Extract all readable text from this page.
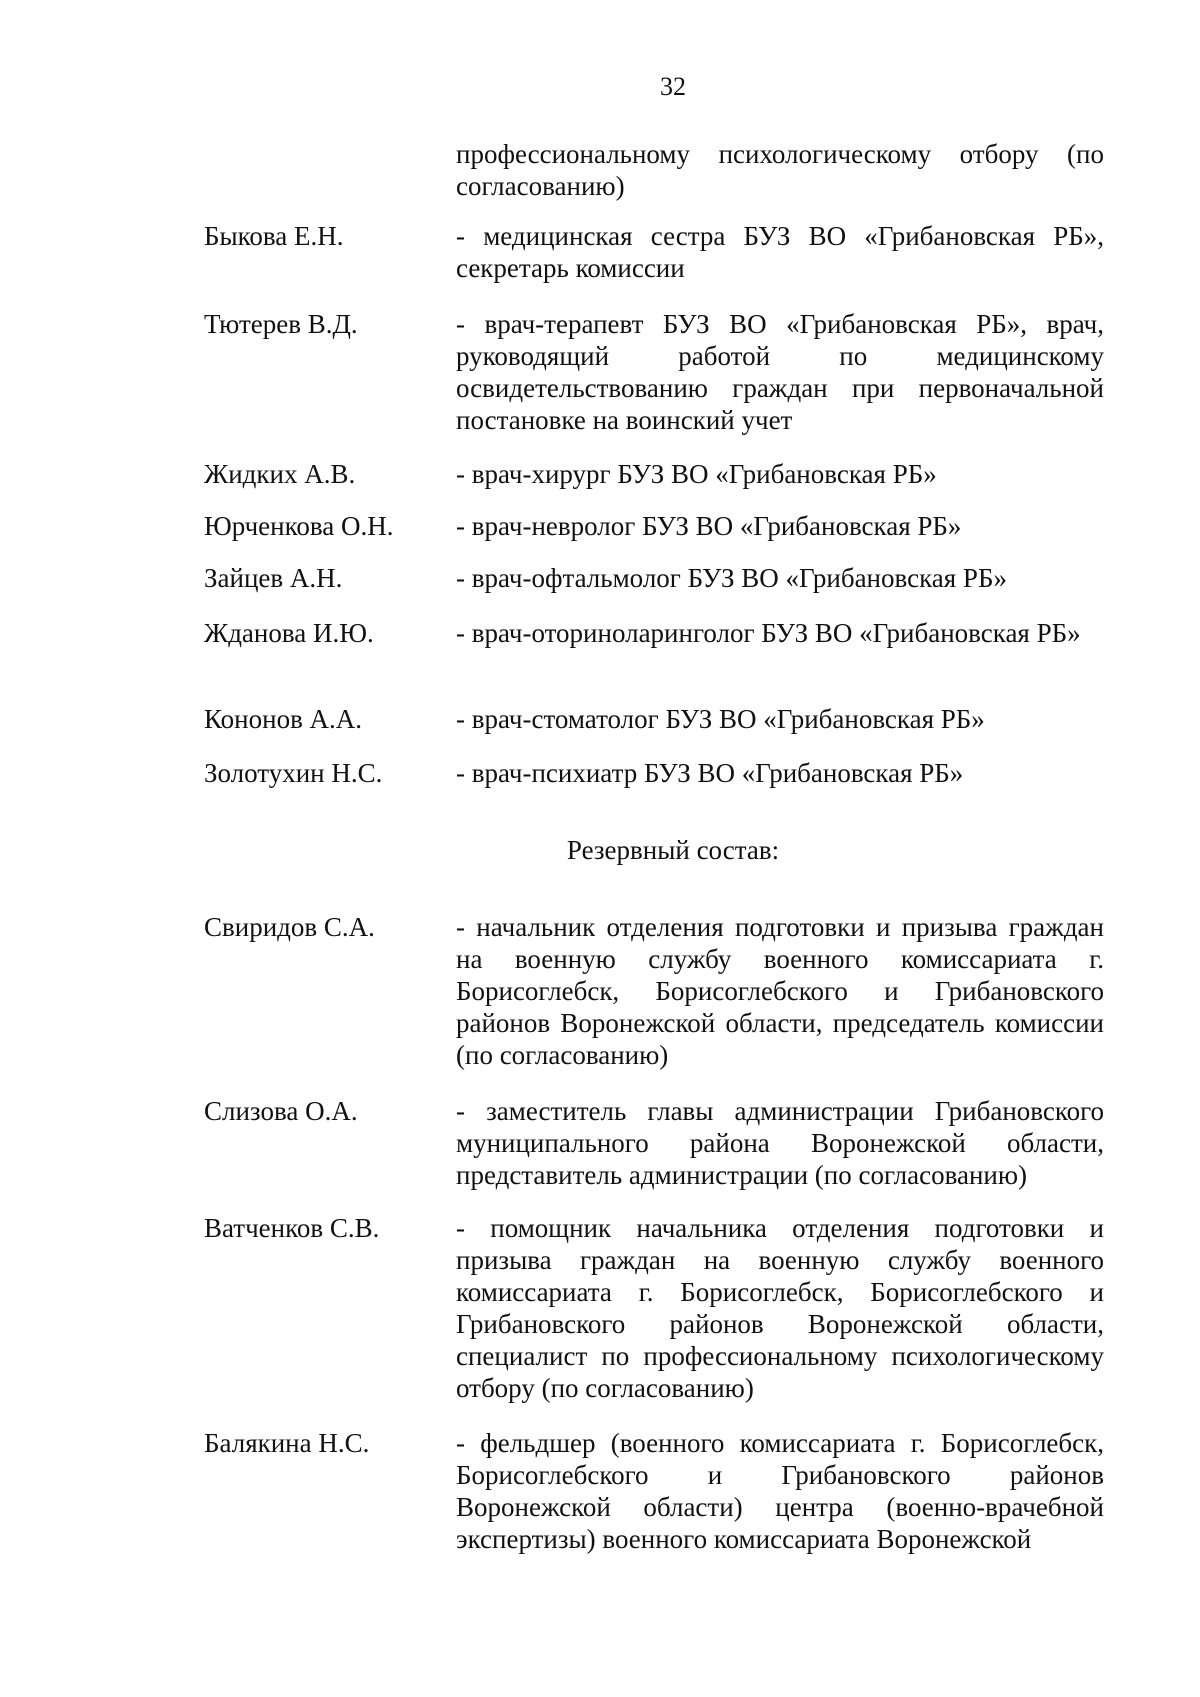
32
профессиональному психологическому отбору (по согласованию)
Быкова Е.Н.	- медицинская сестра БУЗ ВО «Грибановская РБ», секретарь комиссии
Тютерев В.Д.	- врач-терапевт БУЗ ВО «Грибановская РБ», врач, руководящий работой по медицинскому освидетельствованию граждан при первоначальной постановке на воинский учет
Жидких А.В.	- врач-хирург БУЗ ВО «Грибановская РБ»
Юрченкова О.Н. - врач-невролог БУЗ ВО «Грибановская РБ»
Зайцев А.Н.	- врач-офтальмолог БУЗ ВО «Грибановская РБ»
Жданова И.Ю.	- врач-оториноларинголог БУЗ ВО «Грибановская РБ»
Кононов А.А.	- врач-стоматолог БУЗ ВО «Грибановская РБ»
Золотухин Н.С.	- врач-психиатр БУЗ ВО «Грибановская РБ»
Резервный состав:
Свиридов С.А.	- начальник отделения подготовки и призыва граждан на военную службу военного комиссариата г. Борисоглебск, Борисоглебского и Грибановского районов Воронежской области, председатель комиссии (по согласованию)
Слизова О.А.	- заместитель главы администрации Грибановского муниципального района Воронежской области, представитель администрации (по согласованию)
Ватченков С.В.	- помощник начальника отделения подготовки и призыва граждан на военную службу военного комиссариата г. Борисоглебск, Борисоглебского и Грибановского районов Воронежской области, специалист по профессиональному психологическому отбору (по согласованию)
Балякина Н.С.	- фельдшер (военного комиссариата г. Борисоглебск, Борисоглебского и Грибановского районов Воронежской области) центра (военно-врачебной экспертизы) военного комиссариата Воронежской
